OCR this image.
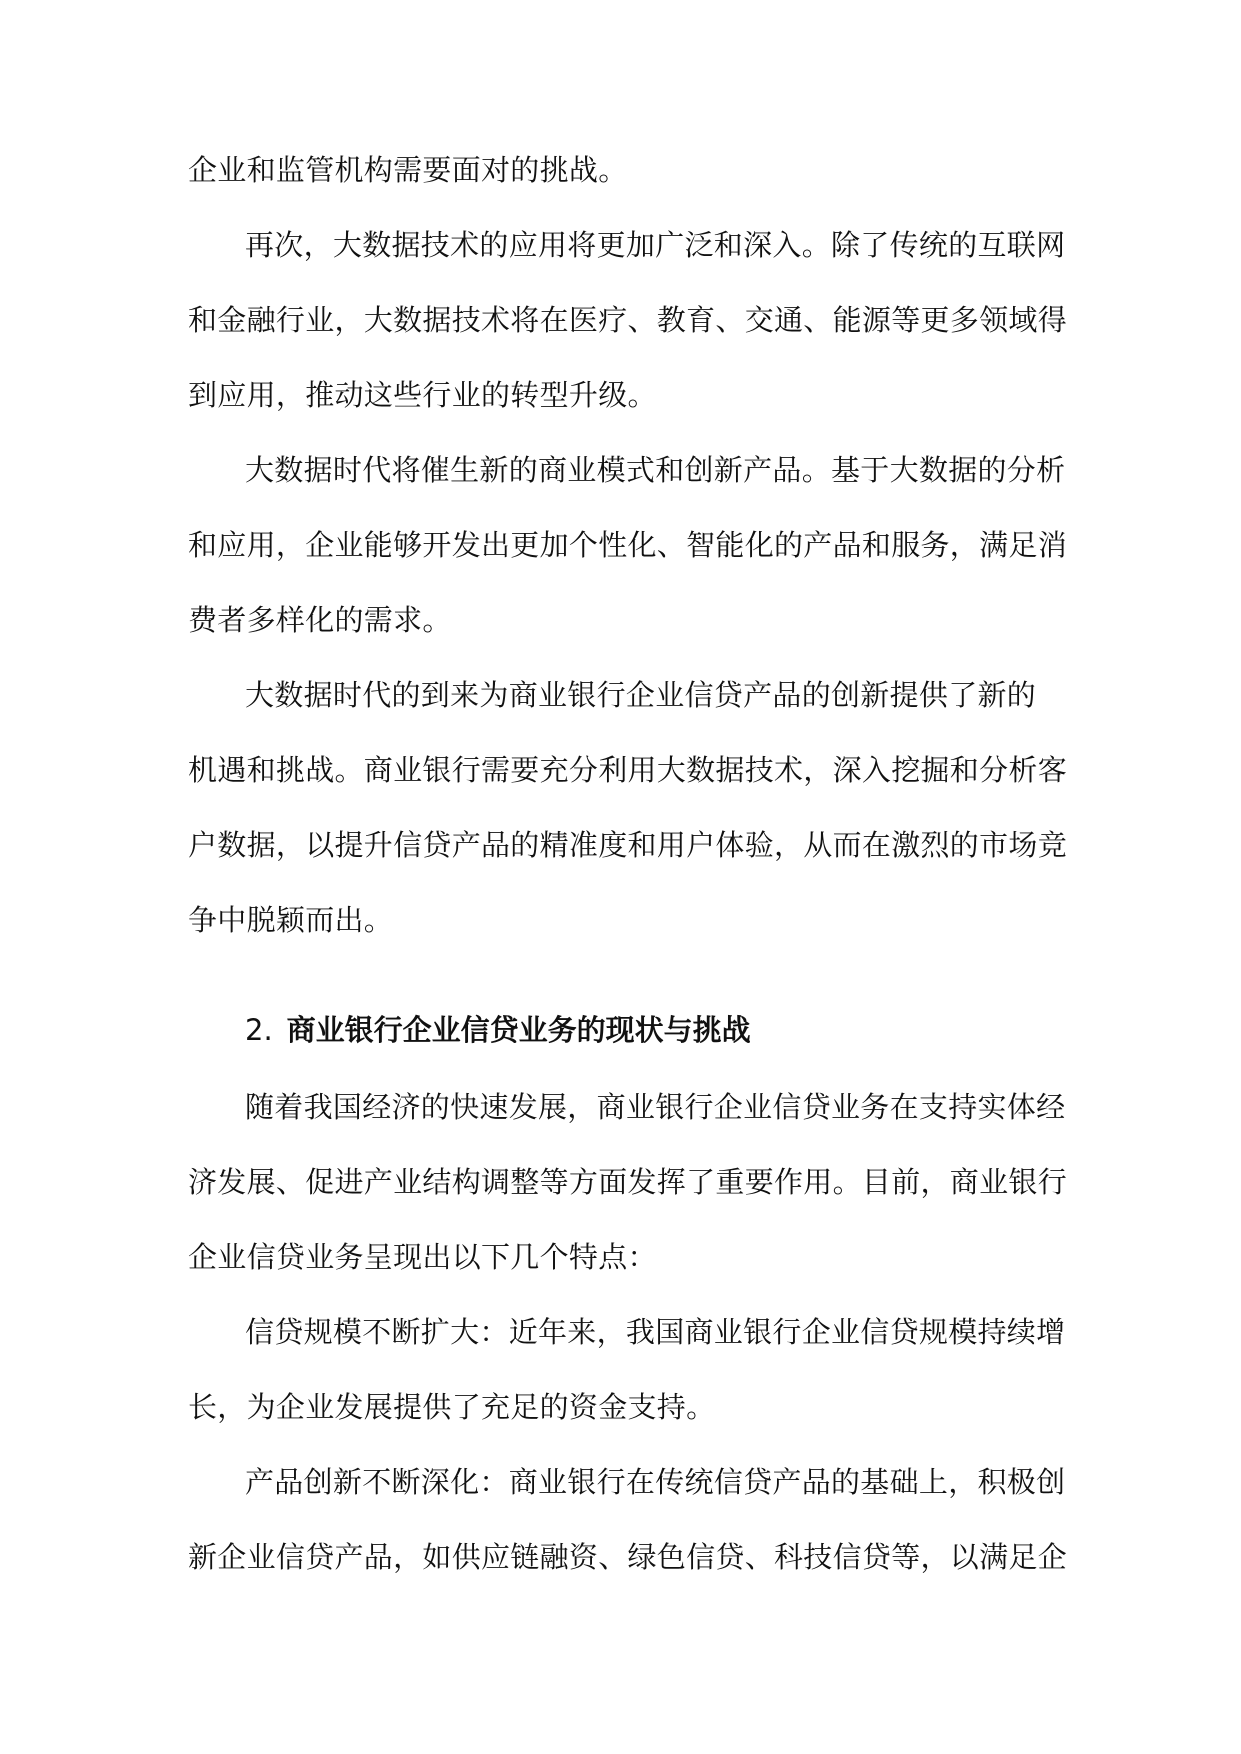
企业和监管机构需要面对的挑战。
再次，大数据技术的应用将更加广泛和深入。除了传统的互联网
和金融行业，大数据技术将在医疗、教育、交通、能源等更多领域得
到应用，推动这些行业的转型升级。
大数据时代将催生新的商业模式和创新产品。基于大数据的分析
和应用，企业能够开发出更加个性化、智能化的产品和服务，满足消
费者多样化的需求。
大数据时代的到来为商业银行企业信贷产品的创新提供了新的
机遇和挑战。商业银行需要充分利用大数据技术，深入挖掘和分析客
户数据，以提升信贷产品的精准度和用户体验，从而在激烈的市场竞
争中脱颖而出。
2. 商业银行企业信贷业务的现状与挑战
随着我国经济的快速发展，商业银行企业信贷业务在支持实体经
济发展、促进产业结构调整等方面发挥了重要作用。目前，商业银行
企业信贷业务呈现出以下几个特点：
信贷规模不断扩大：近年来，我国商业银行企业信贷规模持续增
长，为企业发展提供了充足的资金支持。
产品创新不断深化：商业银行在传统信贷产品的基础上，积极创
新企业信贷产品，如供应链融资、绿色信贷、科技信贷等，以满足企
